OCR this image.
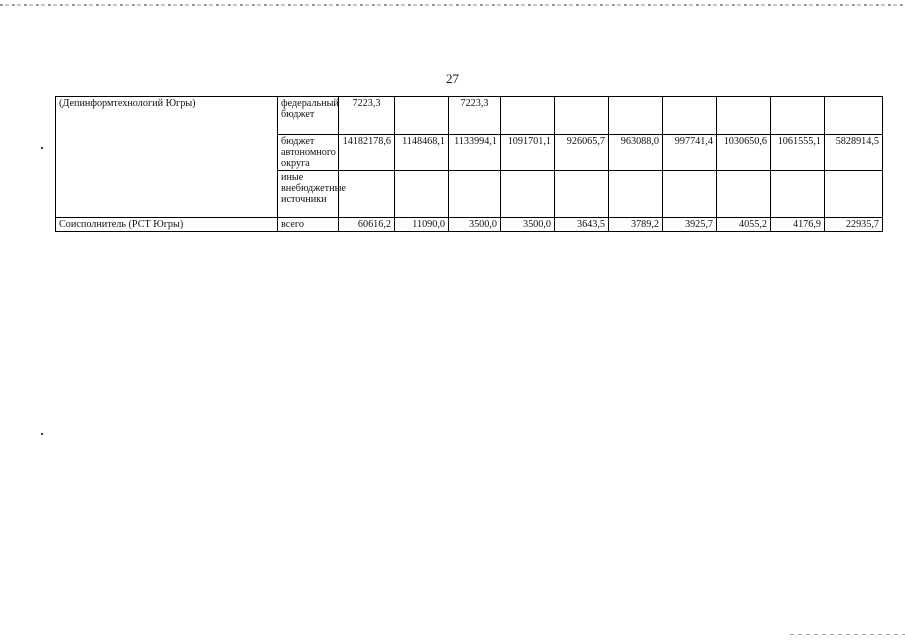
27
(Депинформтехнологий Югры)	федеральный бюджет	7223,3		7223,3							
	бюджет автономного округа	14182178,6	1148468,1	1133994,1	1091701,1	926065,7	963088,0	997741,4	1030650,6	1061555,1	5828914,5
	иные внебюджетные источники										
Соисполнитель (РСТ Югры)	всего	60616,2	11090,0	3500,0	3500,0	3643,5	3789,2	3925,7	4055,2	4176,9	22935,7
